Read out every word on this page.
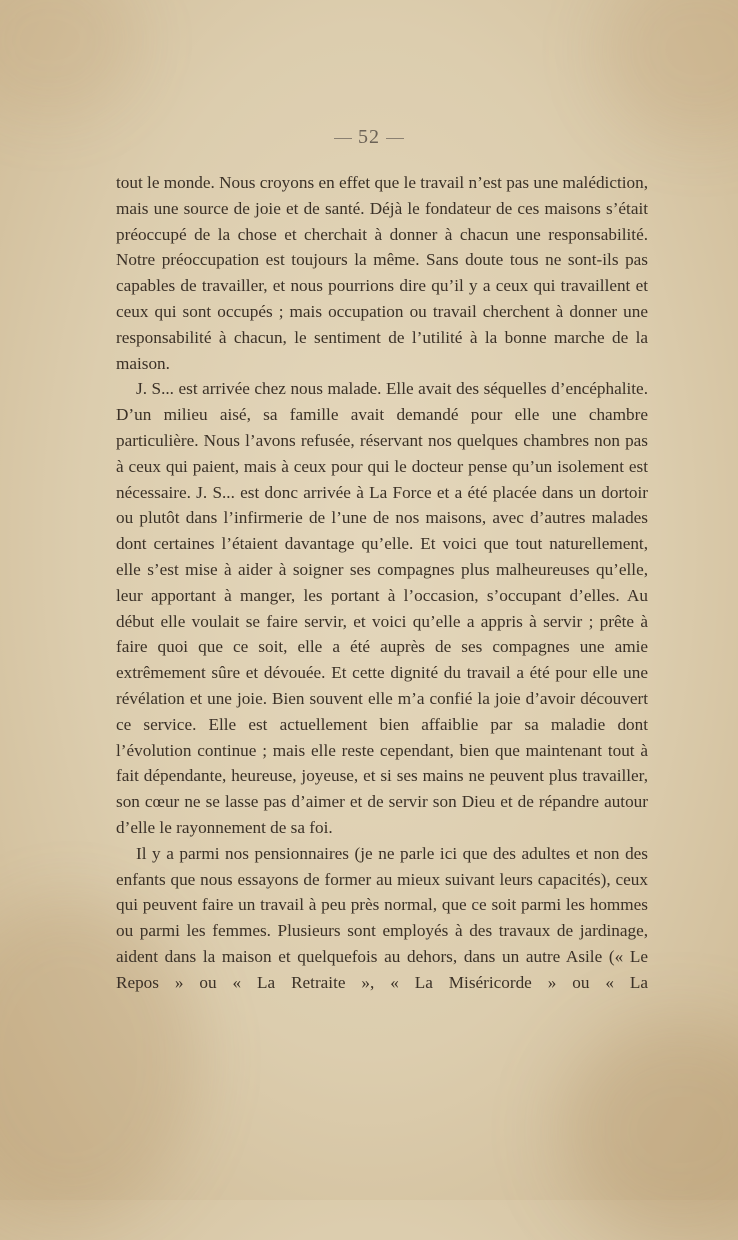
52

tout le monde. Nous croyons en effet que le travail n’est pas une malédiction, mais une source de joie et de santé. Déjà le fondateur de ces maisons s’était préoccupé de la chose et cherchait à donner à chacun une responsabilité. Notre préoccupation est toujours la même. Sans doute tous ne sont-ils pas capables de travailler, et nous pourrions dire qu’il y a ceux qui travaillent et ceux qui sont occupés ; mais occupation ou travail cherchent à donner une responsabilité à chacun, le sentiment de l’utilité à la bonne marche de la maison.

J. S... est arrivée chez nous malade. Elle avait des séquelles d’encéphalite. D’un milieu aisé, sa famille avait demandé pour elle une chambre particulière. Nous l’avons refusée, réservant nos quelques chambres non pas à ceux qui paient, mais à ceux pour qui le docteur pense qu’un isolement est nécessaire. J. S... est donc arrivée à La Force et a été placée dans un dortoir ou plutôt dans l’infirmerie de l’une de nos maisons, avec d’autres malades dont certaines l’étaient davantage qu’elle. Et voici que tout naturellement, elle s’est mise à aider à soigner ses compagnes plus malheureuses qu’elle, leur apportant à manger, les portant à l’occasion, s’occupant d’elles. Au début elle voulait se faire servir, et voici qu’elle a appris à servir ; prête à faire quoi que ce soit, elle a été auprès de ses compagnes une amie extrêmement sûre et dévouée. Et cette dignité du travail a été pour elle une révélation et une joie. Bien souvent elle m’a confié la joie d’avoir découvert ce service. Elle est actuellement bien affaiblie par sa maladie dont l’évolution continue ; mais elle reste cependant, bien que maintenant tout à fait dépendante, heureuse, joyeuse, et si ses mains ne peuvent plus travailler, son cœur ne se lasse pas d’aimer et de servir son Dieu et de répandre autour d’elle le rayonnement de sa foi.

Il y a parmi nos pensionnaires (je ne parle ici que des adultes et non des enfants que nous essayons de former au mieux suivant leurs capacités), ceux qui peuvent faire un travail à peu près normal, que ce soit parmi les hommes ou parmi les femmes. Plusieurs sont employés à des travaux de jardinage, aident dans la maison et quelquefois au dehors, dans un autre Asile (« Le Repos » ou « La Retraite », « La Miséricorde » ou « La
